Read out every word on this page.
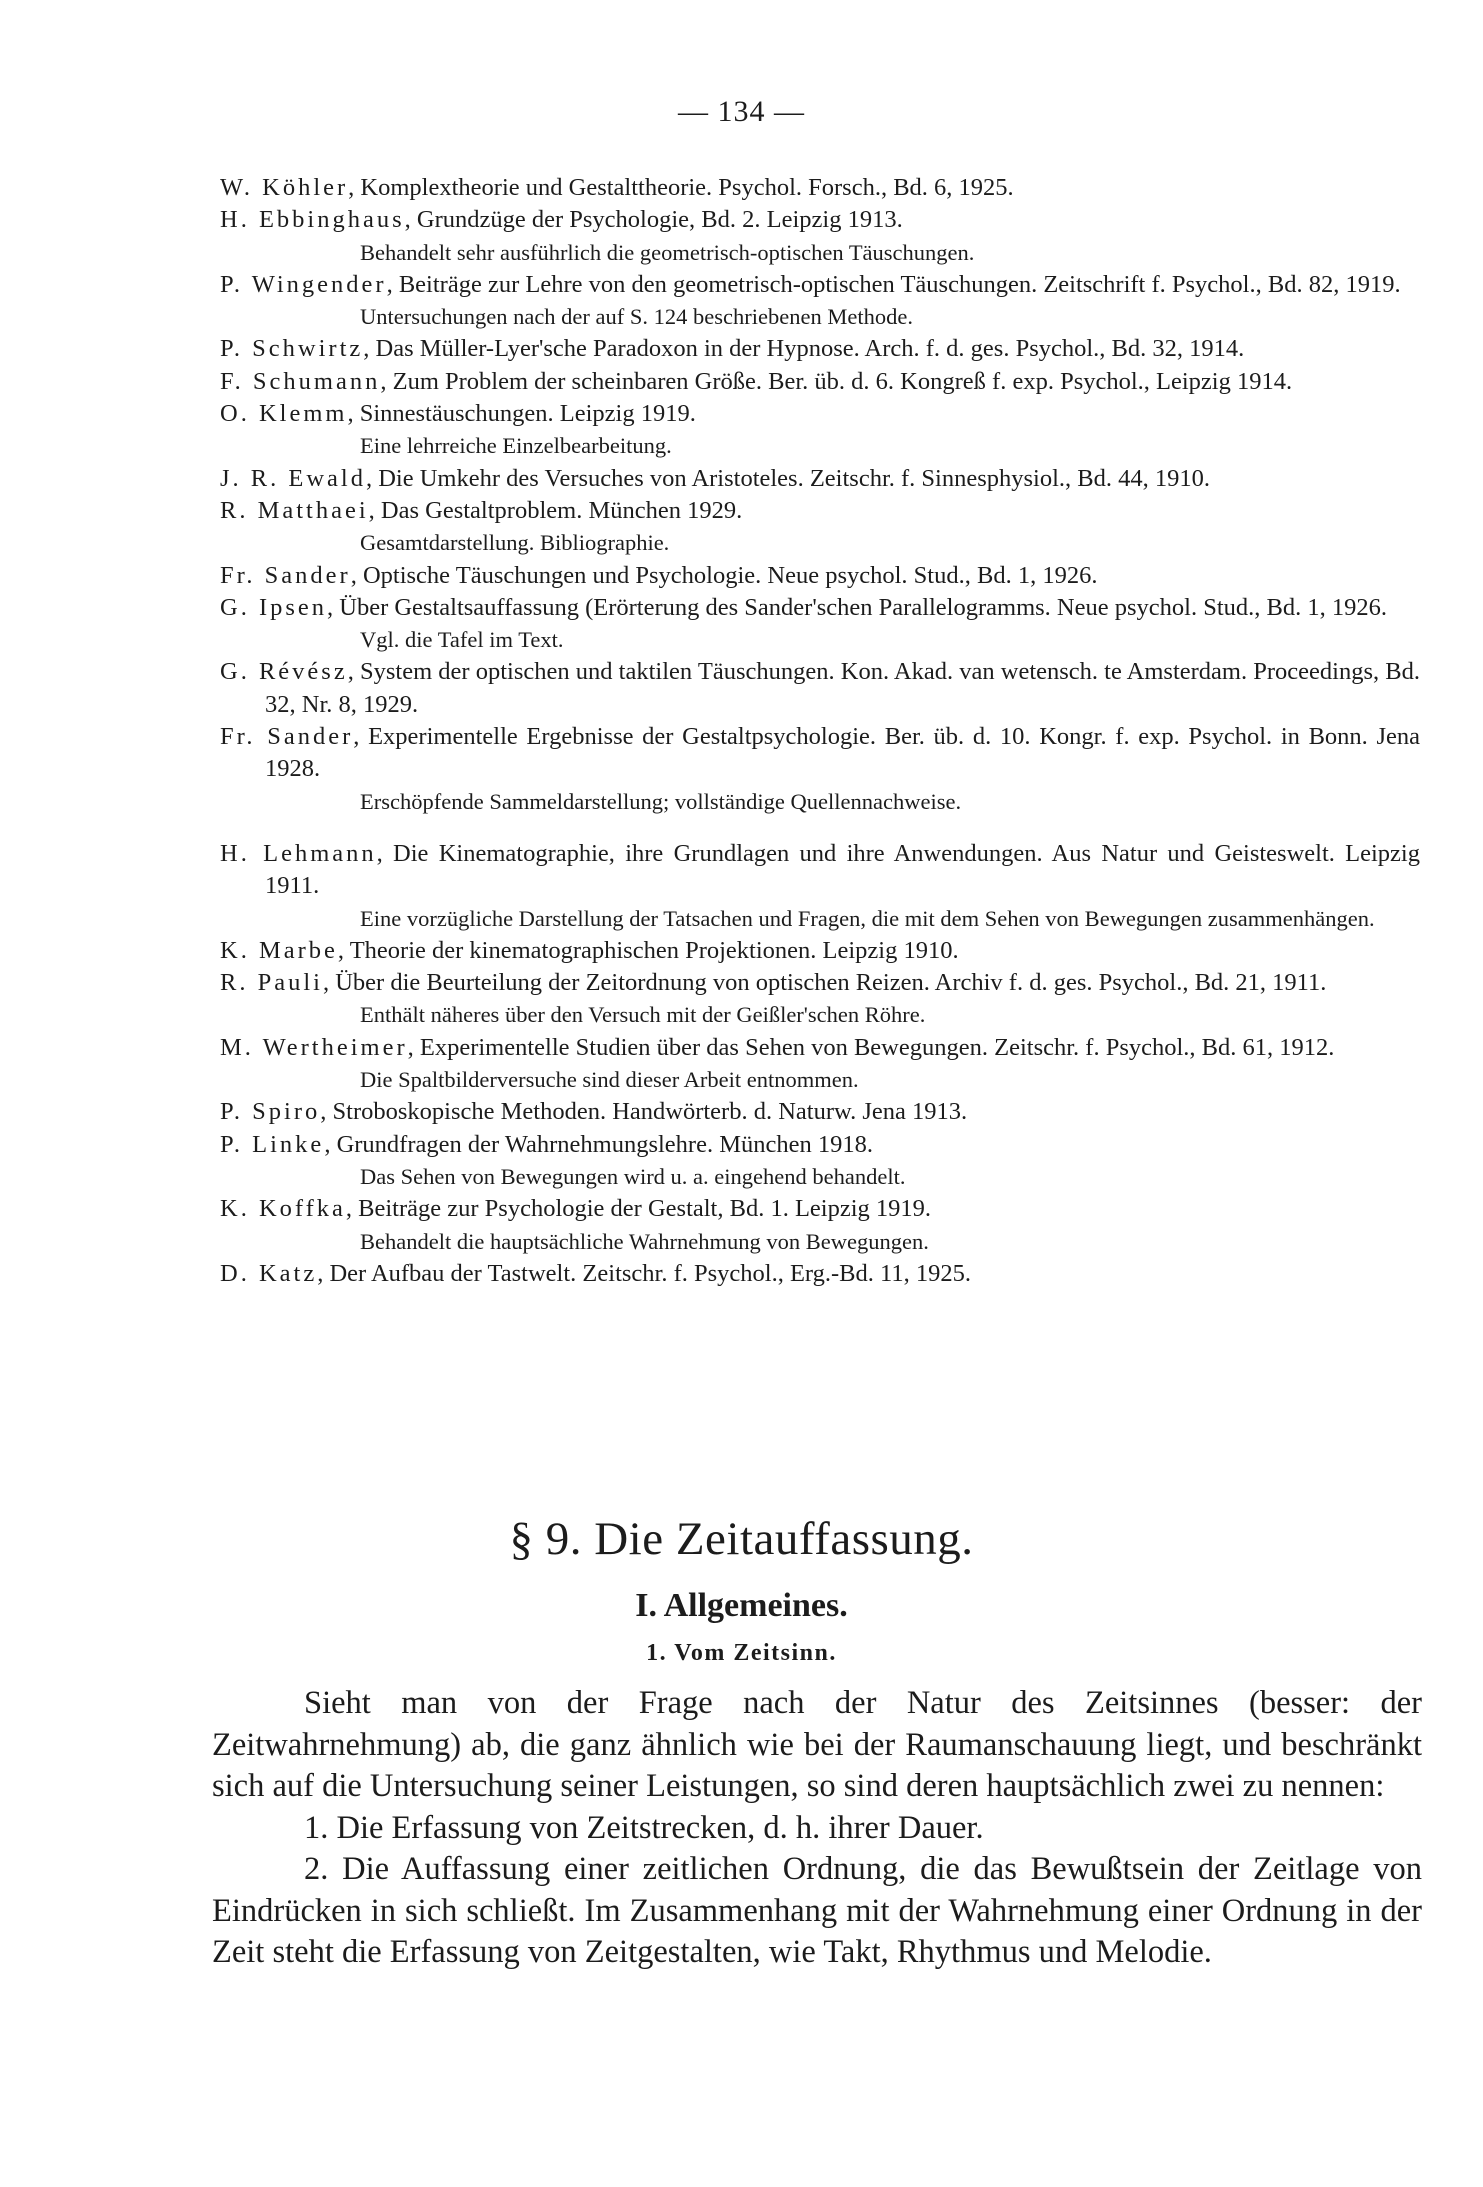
— 134 —

W. Köhler, Komplextheorie und Gestalttheorie. Psychol. Forsch., Bd. 6, 1925.

H. Ebbinghaus, Grundzüge der Psychologie, Bd. 2. Leipzig 1913.

Behandelt sehr ausführlich die geometrisch-optischen Täuschungen.

P. Wingender, Beiträge zur Lehre von den geometrisch-optischen Täuschungen. Zeitschrift f. Psychol., Bd. 82, 1919.

Untersuchungen nach der auf S. 124 beschriebenen Methode.

P. Schwirtz, Das Müller-Lyer'sche Paradoxon in der Hypnose. Arch. f. d. ges. Psychol., Bd. 32, 1914.

F. Schumann, Zum Problem der scheinbaren Größe. Ber. üb. d. 6. Kongreß f. exp. Psychol., Leipzig 1914.

O. Klemm, Sinnestäuschungen. Leipzig 1919.

Eine lehrreiche Einzelbearbeitung.

J. R. Ewald, Die Umkehr des Versuches von Aristoteles. Zeitschr. f. Sinnesphysiol., Bd. 44, 1910.

R. Matthaei, Das Gestaltproblem. München 1929.

Gesamtdarstellung. Bibliographie.

Fr. Sander, Optische Täuschungen und Psychologie. Neue psychol. Stud., Bd. 1, 1926.

G. Ipsen, Über Gestaltsauffassung (Erörterung des Sander'schen Parallelogramms. Neue psychol. Stud., Bd. 1, 1926.

Vgl. die Tafel im Text.

G. Révész, System der optischen und taktilen Täuschungen. Kon. Akad. van wetensch. te Amsterdam. Proceedings, Bd. 32, Nr. 8, 1929.

Fr. Sander, Experimentelle Ergebnisse der Gestaltpsychologie. Ber. üb. d. 10. Kongr. f. exp. Psychol. in Bonn. Jena 1928.

Erschöpfende Sammeldarstellung; vollständige Quellennachweise.

H. Lehmann, Die Kinematographie, ihre Grundlagen und ihre Anwendungen. Aus Natur und Geisteswelt. Leipzig 1911.

Eine vorzügliche Darstellung der Tatsachen und Fragen, die mit dem Sehen von Bewegungen zusammenhängen.

K. Marbe, Theorie der kinematographischen Projektionen. Leipzig 1910.

R. Pauli, Über die Beurteilung der Zeitordnung von optischen Reizen. Archiv f. d. ges. Psychol., Bd. 21, 1911.

Enthält näheres über den Versuch mit der Geißler'schen Röhre.

M. Wertheimer, Experimentelle Studien über das Sehen von Bewegungen. Zeitschr. f. Psychol., Bd. 61, 1912.

Die Spaltbilderversuche sind dieser Arbeit entnommen.

P. Spiro, Stroboskopische Methoden. Handwörterb. d. Naturw. Jena 1913.

P. Linke, Grundfragen der Wahrnehmungslehre. München 1918.

Das Sehen von Bewegungen wird u. a. eingehend behandelt.

K. Koffka, Beiträge zur Psychologie der Gestalt, Bd. 1. Leipzig 1919.

Behandelt die hauptsächliche Wahrnehmung von Bewegungen.

D. Katz, Der Aufbau der Tastwelt. Zeitschr. f. Psychol., Erg.-Bd. 11, 1925.

§ 9. Die Zeitauffassung.
I. Allgemeines.
1. Vom Zeitsinn.

Sieht man von der Frage nach der Natur des Zeitsinnes (besser: der Zeitwahrnehmung) ab, die ganz ähnlich wie bei der Raumanschauung liegt, und beschränkt sich auf die Untersuchung seiner Leistungen, so sind deren hauptsächlich zwei zu nennen:

1. Die Erfassung von Zeitstrecken, d. h. ihrer Dauer.

2. Die Auffassung einer zeitlichen Ordnung, die das Bewußtsein der Zeitlage von Eindrücken in sich schließt. Im Zusammenhang mit der Wahrnehmung einer Ordnung in der Zeit steht die Erfassung von Zeitgestalten, wie Takt, Rhythmus und Melodie.
